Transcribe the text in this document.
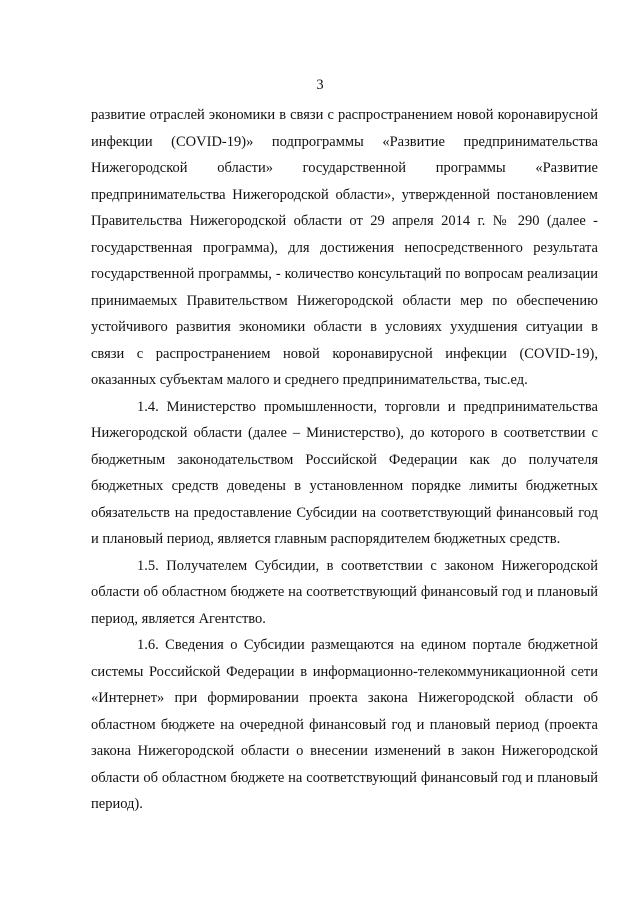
3

развитие отраслей экономики в связи с распространением новой коронавирусной инфекции (COVID-19)» подпрограммы «Развитие предпринимательства Нижегородской области» государственной программы «Развитие предпринимательства Нижегородской области», утвержденной постановлением Правительства Нижегородской области от 29 апреля 2014 г. № 290 (далее - государственная программа), для достижения непосредственного результата государственной программы, - количество консультаций по вопросам реализации принимаемых Правительством Нижегородской области мер по обеспечению устойчивого развития экономики области в условиях ухудшения ситуации в связи с распространением новой коронавирусной инфекции (COVID-19), оказанных субъектам малого и среднего предпринимательства, тыс.ед.

1.4. Министерство промышленности, торговли и предпринимательства Нижегородской области (далее – Министерство), до которого в соответствии с бюджетным законодательством Российской Федерации как до получателя бюджетных средств доведены в установленном порядке лимиты бюджетных обязательств на предоставление Субсидии на соответствующий финансовый год и плановый период, является главным распорядителем бюджетных средств.

1.5. Получателем Субсидии, в соответствии с законом Нижегородской области об областном бюджете на соответствующий финансовый год и плановый период, является Агентство.

1.6. Сведения о Субсидии размещаются на едином портале бюджетной системы Российской Федерации в информационно-телекоммуникационной сети «Интернет» при формировании проекта закона Нижегородской области об областном бюджете на очередной финансовый год и плановый период (проекта закона Нижегородской области о внесении изменений в закон Нижегородской области об областном бюджете на соответствующий финансовый год и плановый период).
